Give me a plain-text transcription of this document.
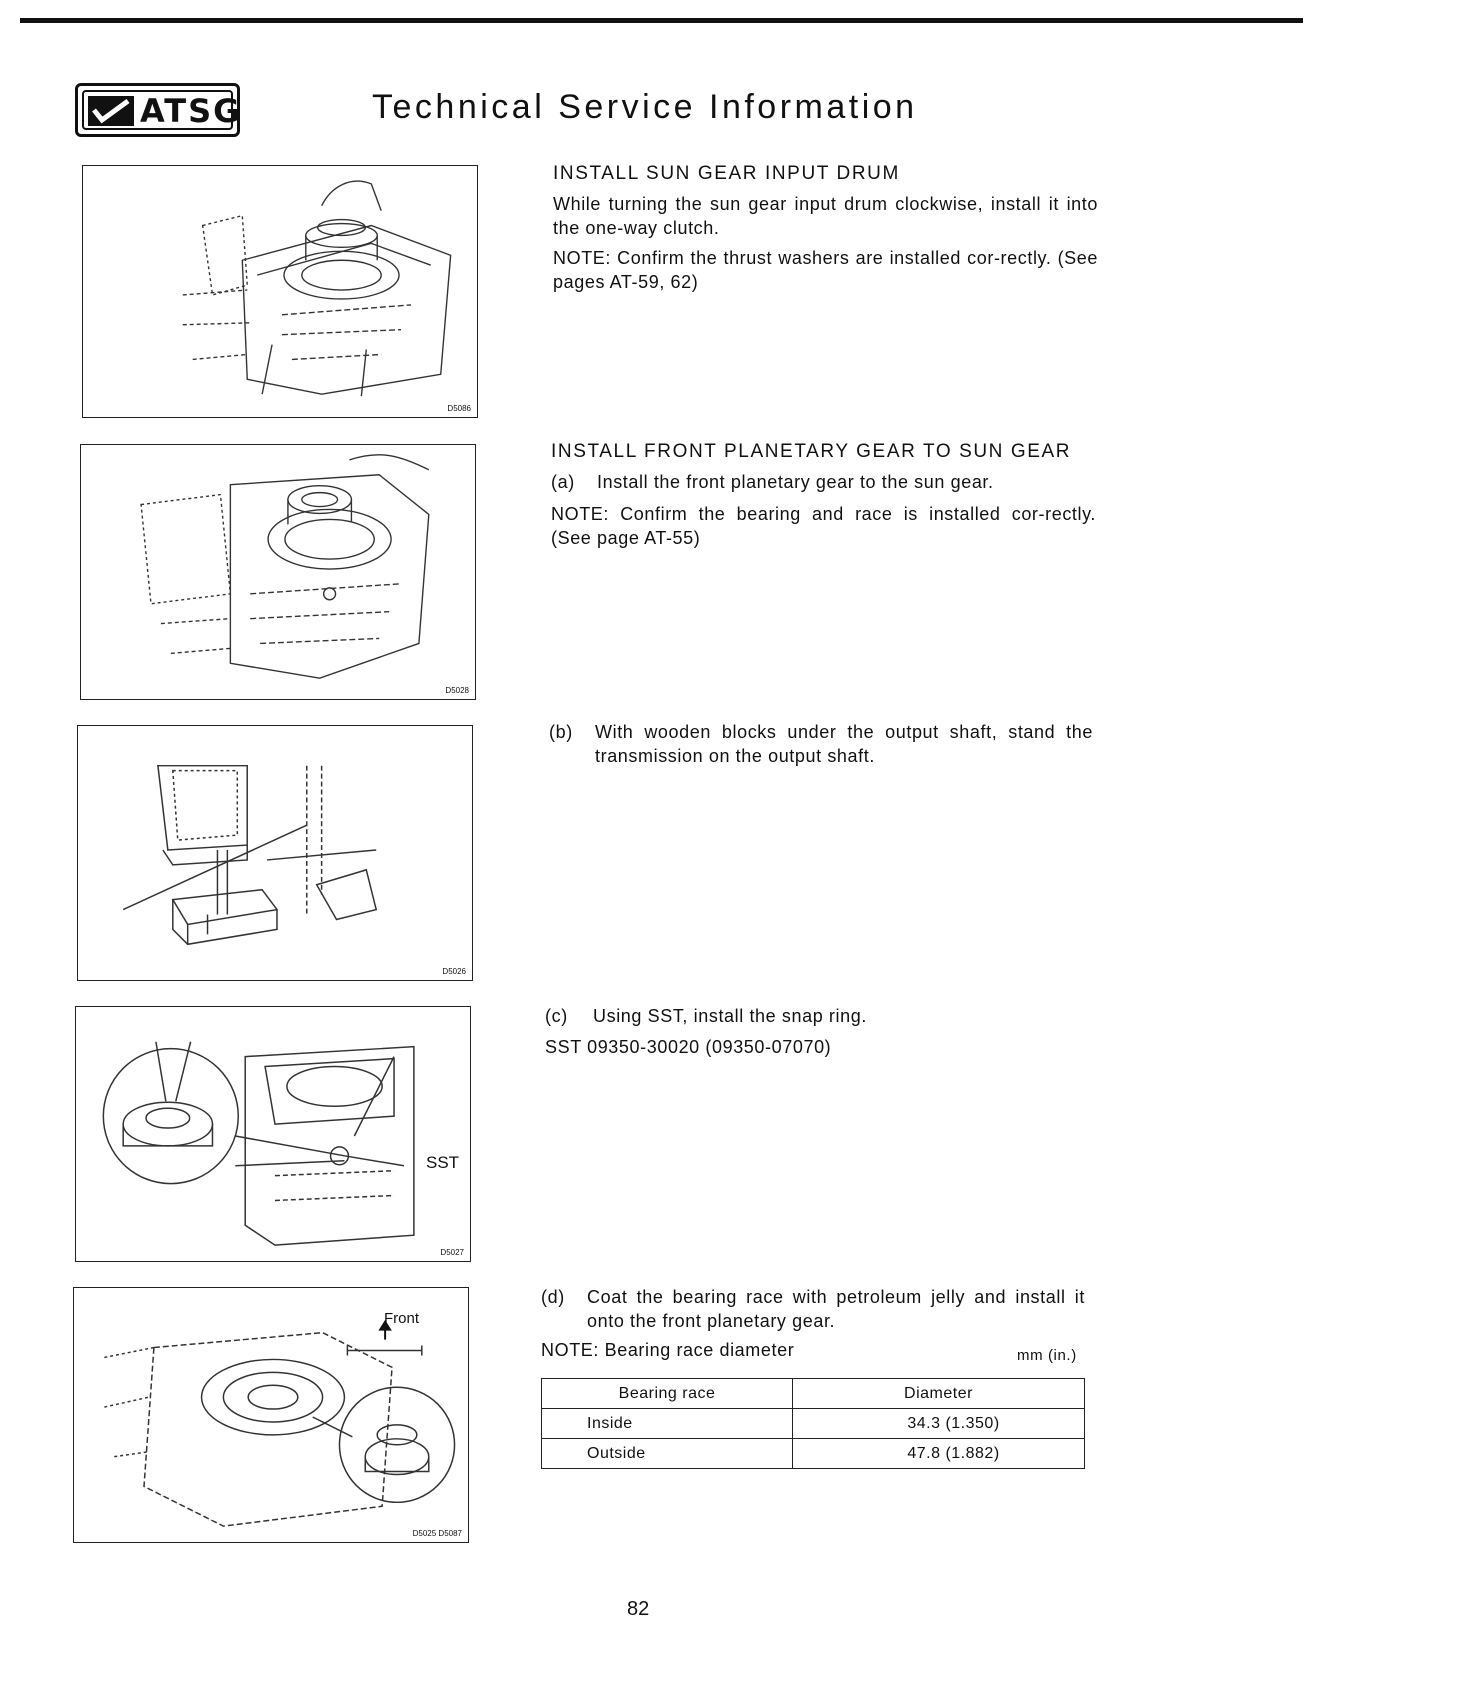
ATSG	Technical Service Information
D5086
INSTALL SUN GEAR INPUT DRUM
While turning the sun gear input drum clockwise, install it into the one-way clutch.
NOTE: Confirm the thrust washers are installed cor-rectly. (See pages AT-59, 62)
D5028
INSTALL FRONT PLANETARY GEAR TO SUN GEAR
(a) Install the front planetary gear to the sun gear.
NOTE: Confirm the bearing and race is installed cor-rectly. (See page AT-55)
D5026
(b) With wooden blocks under the output shaft, stand the transmission on the output shaft.
SST
D5027
(c) Using SST, install the snap ring.
SST 09350-30020 (09350-07070)
Front
D5025 D5087
(d) Coat the bearing race with petroleum jelly and install it onto the front planetary gear.
NOTE: Bearing race diameter	mm (in.)
Bearing race	Diameter
Inside	34.3 (1.350)
Outside	47.8 (1.882)
82
